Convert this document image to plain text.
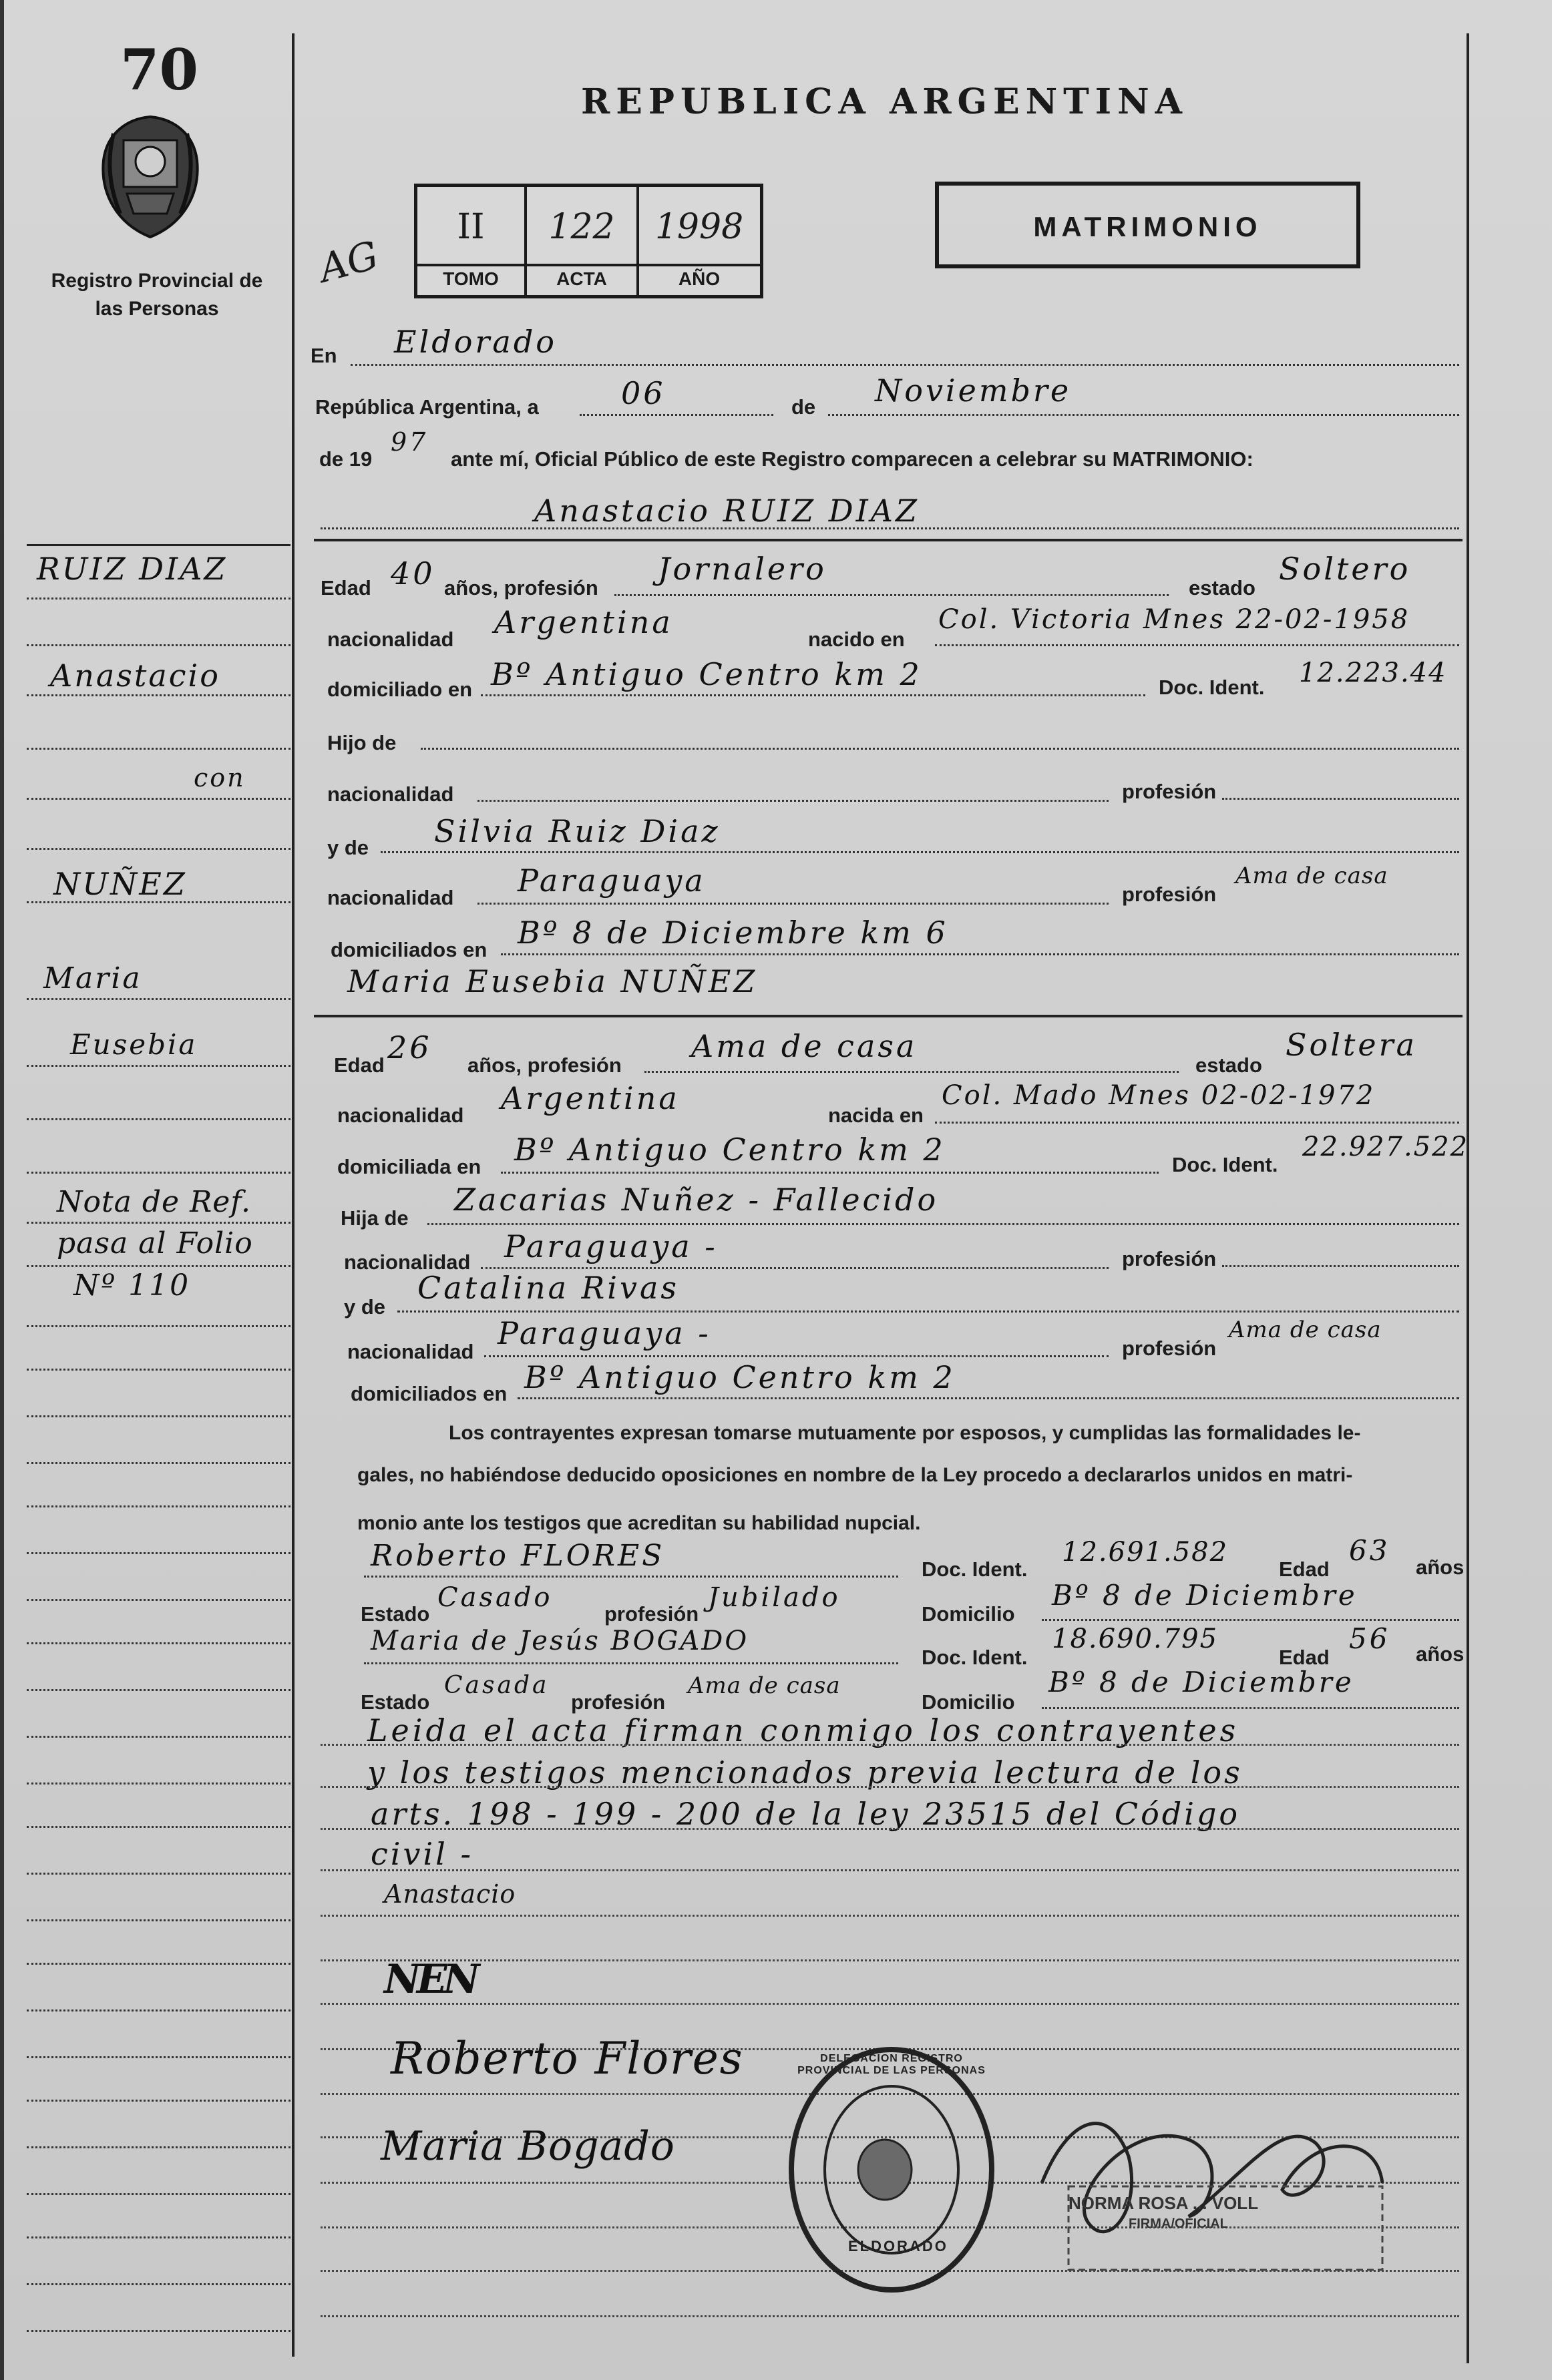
70
Registro Provincial de las Personas
REPUBLICA ARGENTINA
AG
II	122	1998
TOMO	ACTA	AÑO
MATRIMONIO
En Eldorado
República Argentina, a	06	de Noviembre
de 19
97
ante mí, Oficial Público de este Registro comparecen a celebrar su MATRIMONIO:
Anastacio RUIZ DIAZ
Edad 40 años, profesión
Jornalero
estado
Soltero
nacionalidad Argentina	nacido en
Col. Victoria Mnes 22-02-1958
domiciliado en Bº Antiguo Centro km 2	Doc. Ident. 12.223.44
Hijo de
nacionalidad	profesión
y de Silvia Ruiz Diaz
nacionalidad Paraguaya	profesión
Ama de casa
domiciliados en Bº 8 de Diciembre km 6
Maria Eusebia NUÑEZ
Edad 26 años, profesión
Ama de casa
estado
Soltera
nacionalidad Argentina	nacida en
Col. Mado Mnes 02-02-1972
domiciliada en Bº Antiguo Centro km 2	Doc. Ident.
22.927.522
Hija de
Zacarias Nuñez - Fallecido
nacionalidad Paraguaya -	profesión
y de
Catalina Rivas
nacionalidad
Paraguaya -	profesión
Ama de casa
domiciliados en Bº Antiguo Centro km 2
Los contrayentes expresan tomarse mutuamente por esposos, y cumplidas las formalidades le-
gales, no habiéndose deducido oposiciones en nombre de la Ley procedo a declararlos unidos en matri-
monio ante los testigos que acreditan su habilidad nupcial.
Roberto FLORES	Doc. Ident.
12.691.582
Edad
63
años
Estado
Casado
profesión
Jubilado
Domicilio
Bº 8 de Diciembre
Maria de Jesús BOGADO
Doc. Ident.
18.690.795
Edad
56 años
Estado
Casada
profesión
Ama de casa
Domicilio
Bº 8 de Diciembre
Leida el acta firman conmigo los contrayentes
y los testigos mencionados previa lectura de los
arts. 198 - 199 - 200 de la ley 23515 del Código
civil -
Anastacio
NEN
Roberto Flores
Maria Bogado
DELEGACION REGISTRO PROVINCIAL DE LAS PERSONAS
ELDORADO
NORMA ROSA ... VOLL
FIRMA/OFICIAL
RUIZ DIAZ
Anastacio
con
NUÑEZ
Maria
Eusebia
Nota de Ref.
pasa al Folio
Nº 110
